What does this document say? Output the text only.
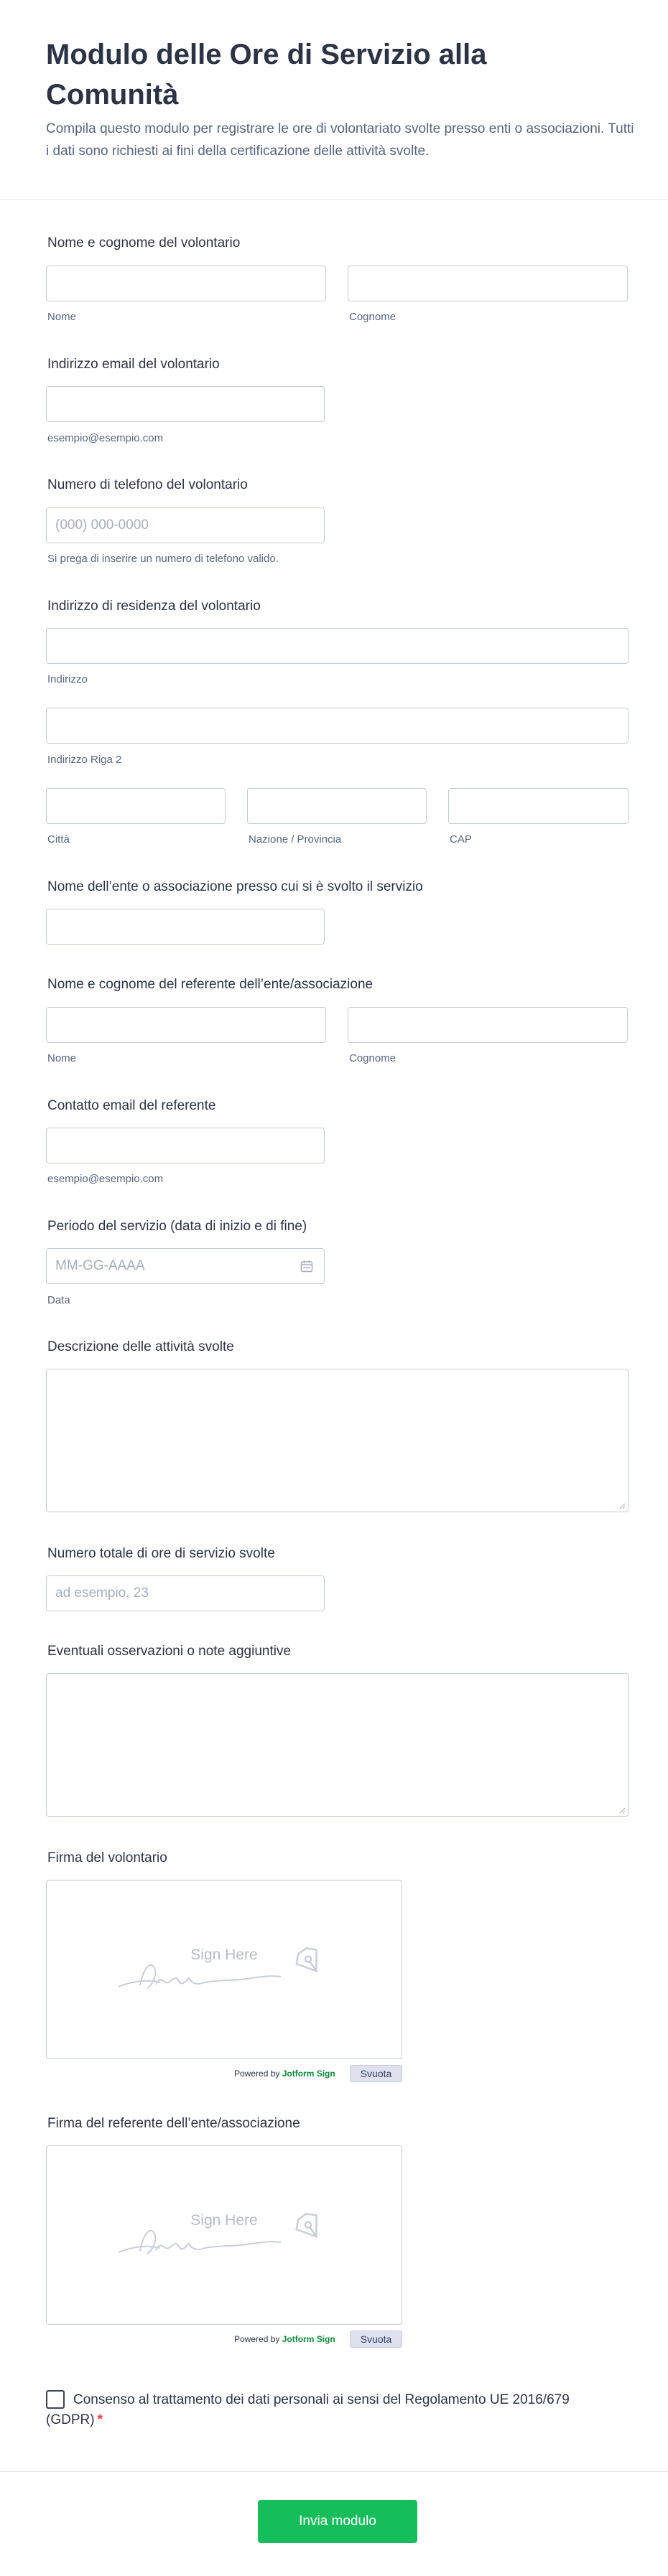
Modulo delle Ore di Servizio alla Comunità

Compila questo modulo per registrare le ore di volontariato svolte presso enti o associazioni. Tutti i dati sono richiesti ai fini della certificazione delle attività svolte.

Nome e cognome del volontario
Nome	Cognome
Indirizzo email del volontario
esempio@esempio.com
Numero di telefono del volontario
(000) 000-0000
Si prega di inserire un numero di telefono valido.
Indirizzo di residenza del volontario
Indirizzo
Indirizzo Riga 2
Città	Nazione / Provincia	CAP
Nome dell’ente o associazione presso cui si è svolto il servizio
Nome e cognome del referente dell’ente/associazione
Nome	Cognome
Contatto email del referente
esempio@esempio.com
Periodo del servizio (data di inizio e di fine)
MM-GG-AAAA
Data
Descrizione delle attività svolte
Numero totale di ore di servizio svolte
ad esempio, 23
Eventuali osservazioni o note aggiuntive
Firma del volontario
Sign Here
Powered by Jotform Sign	Svuota
Firma del referente dell’ente/associazione
Sign Here
Powered by Jotform Sign	Svuota
Consenso al trattamento dei dati personali ai sensi del Regolamento UE 2016/679 (GDPR) *
Invia modulo
